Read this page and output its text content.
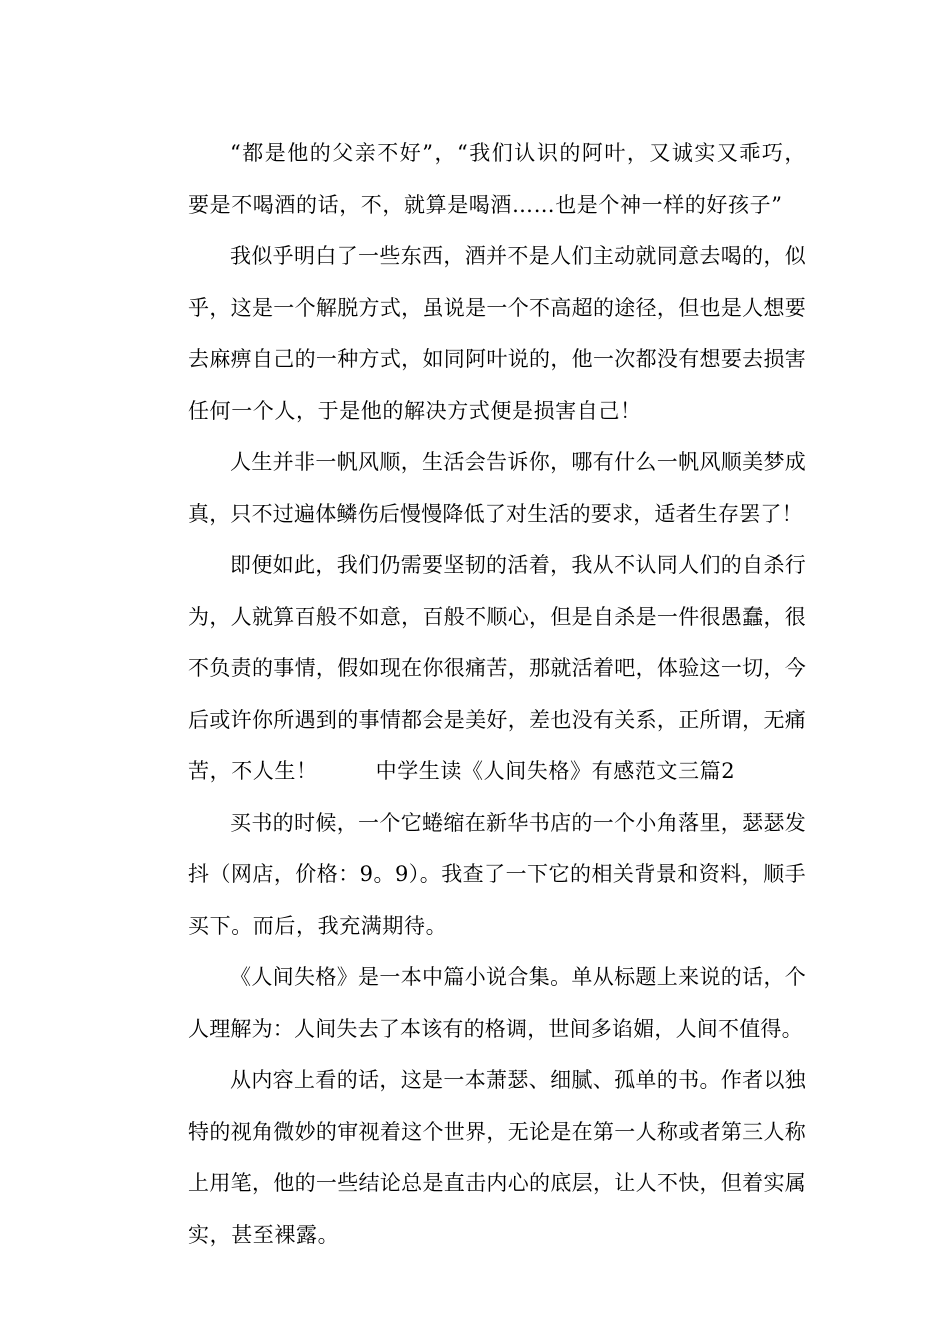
“都是他的父亲不好”，“我们认识的阿叶，又诚实又乖巧，
要是不喝酒的话，不，就算是喝酒……也是个神一样的好孩子”

我似乎明白了一些东西，酒并不是人们主动就同意去喝的，似
乎，这是一个解脱方式，虽说是一个不高超的途径，但也是人想要
去麻痹自己的一种方式，如同阿叶说的，他一次都没有想要去损害
任何一个人，于是他的解决方式便是损害自己！

人生并非一帆风顺，生活会告诉你，哪有什么一帆风顺美梦成
真，只不过遍体鳞伤后慢慢降低了对生活的要求，适者生存罢了！

即便如此，我们仍需要坚韧的活着，我从不认同人们的自杀行
为，人就算百般不如意，百般不顺心，但是自杀是一件很愚蠢，很
不负责的事情，假如现在你很痛苦，那就活着吧，体验这一切，今
后或许你所遇到的事情都会是美好，差也没有关系，正所谓，无痛
苦，不人生！	中学生读《人间失格》有感范文三篇2

买书的时候，一个它蜷缩在新华书店的一个小角落里，瑟瑟发
抖（网店，价格：9。9）。我查了一下它的相关背景和资料，顺手
买下。而后，我充满期待。

《人间失格》是一本中篇小说合集。单从标题上来说的话，个
人理解为：人间失去了本该有的格调，世间多谄媚，人间不值得。

从内容上看的话，这是一本萧瑟、细腻、孤单的书。作者以独
特的视角微妙的审视着这个世界，无论是在第一人称或者第三人称
上用笔，他的一些结论总是直击内心的底层，让人不快，但着实属
实，甚至裸露。
